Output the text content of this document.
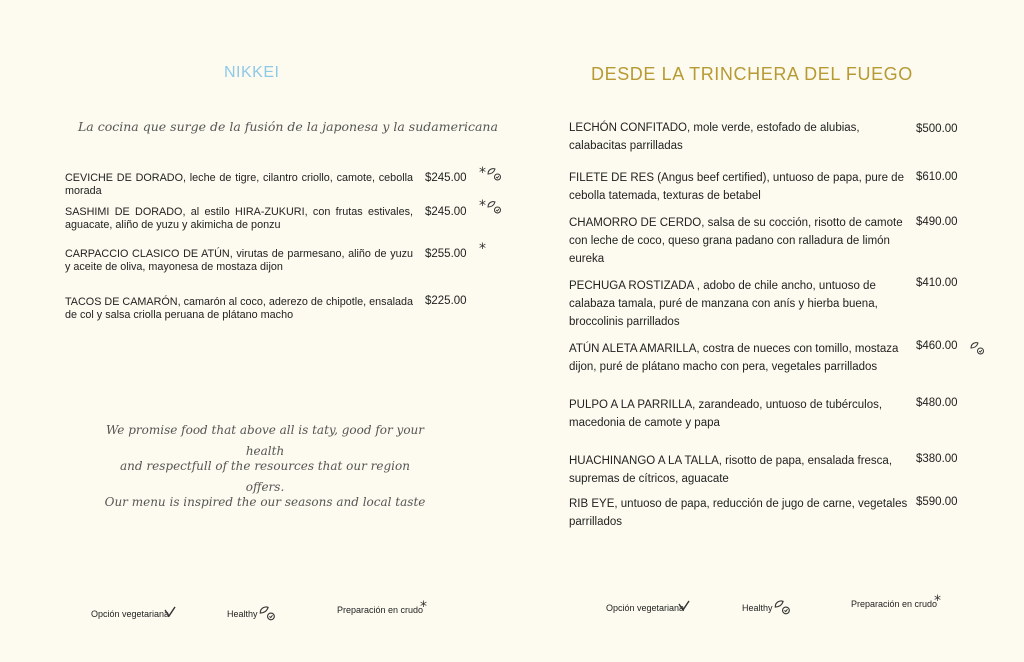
NIKKEI
La cocina que surge de la fusión de la japonesa y la sudamericana
CEVICHE DE DORADO, leche de tigre, cilantro criollo, camote, cebolla morada
$245.00 *
SASHIMI DE DORADO, al estilo HIRA-ZUKURI, con frutas estivales, aguacate, aliño de yuzu y akimicha de ponzu
$245.00 *
CARPACCIO CLASICO DE ATÚN, virutas de parmesano, aliño de yuzu y aceite de oliva, mayonesa de mostaza dijon
$255.00 *
TACOS DE CAMARÓN, camarón al coco, aderezo de chipotle, ensalada de col y salsa criolla peruana de plátano macho
$225.00
We promise food that above all is taty, good for your health
and respectfull of the resources that our region offers.
Our menu is inspired the our seasons and local taste
Opción vegetariana	Healthy	Preparación en crudo
*
DESDE LA TRINCHERA DEL FUEGO
LECHÓN CONFITADO, mole verde, estofado de alubias, calabacitas parrilladas
$500.00
FILETE DE RES (Angus beef certified), untuoso de papa, pure de cebolla tatemada, texturas de betabel
$610.00
CHAMORRO DE CERDO, salsa de su cocción, risotto de camote con leche de coco, queso grana padano con ralladura de limón eureka
$490.00
PECHUGA ROSTIZADA , adobo de chile ancho, untuoso de calabaza tamala, puré de manzana con anís y hierba buena, broccolinis parrillados
$410.00
ATÚN ALETA AMARILLA, costra de nueces con tomillo, mostaza dijon, puré de plátano macho con pera, vegetales parrillados
$460.00
PULPO A LA PARRILLA, zarandeado, untuoso de tubérculos, macedonia de camote y papa
$480.00
HUACHINANGO A LA TALLA, risotto de papa, ensalada fresca, supremas de cítricos, aguacate
$380.00
RIB EYE, untuoso de papa, reducción de jugo de carne, vegetales parrillados
$590.00
Opción vegetariana	Healthy	Preparación en crudo
*
